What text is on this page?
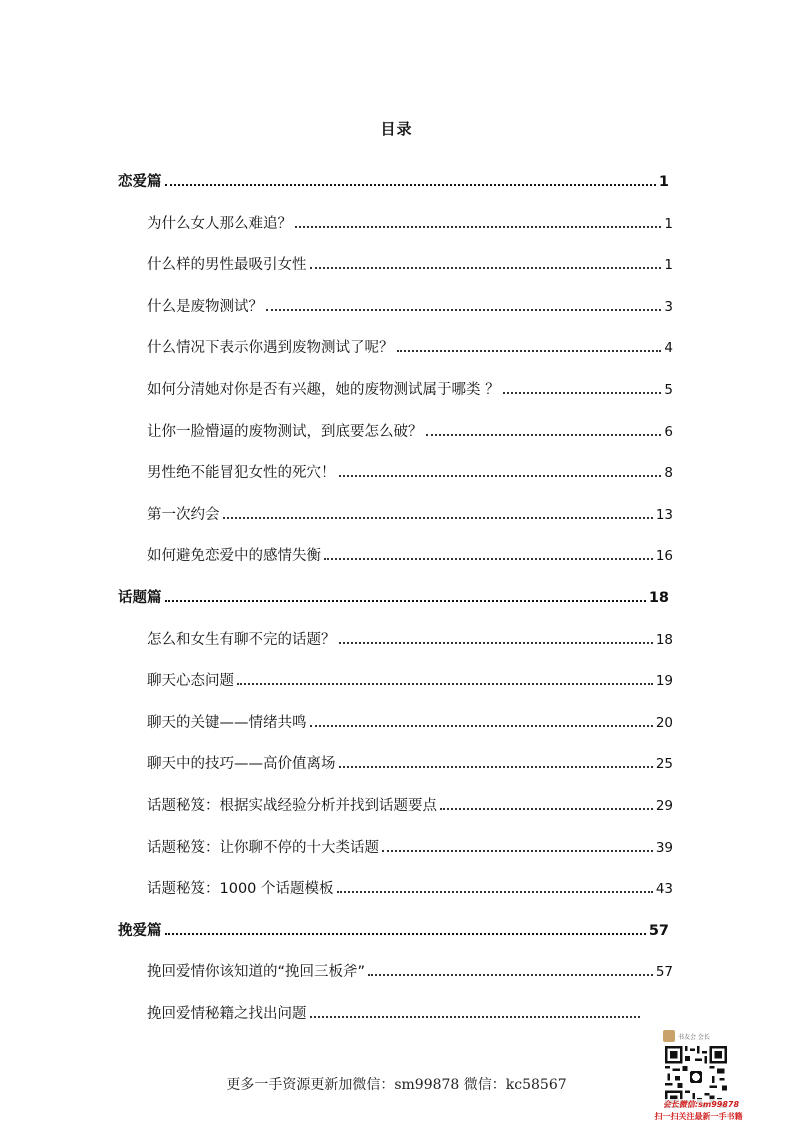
目录
恋爱篇	1
为什么女人那么难追？	1
什么样的男性最吸引女性	1
什么是废物测试？	3
什么情况下表示你遇到废物测试了呢？	4
如何分清她对你是否有兴趣，她的废物测试属于哪类 ？	5
让你一脸懵逼的废物测试，到底要怎么破？	6
男性绝不能冒犯女性的死穴！	8
第一次约会	13
如何避免恋爱中的感情失衡	16
话题篇	18
怎么和女生有聊不完的话题？	18
聊天心态问题	19
聊天的关键——情绪共鸣	20
聊天中的技巧——高价值离场	25
话题秘笈：根据实战经验分析并找到话题要点	29
话题秘笈：让你聊不停的十大类话题	39
话题秘笈：1000 个话题模板	43
挽爱篇	57
挽回爱情你该知道的“挽回三板斧”	57
挽回爱情秘籍之找出问题
更多一手资源更新加微信：sm99878 微信：kc58567
书友会 会长
会长微信:sm99878
扫一扫关注最新一手书籍
